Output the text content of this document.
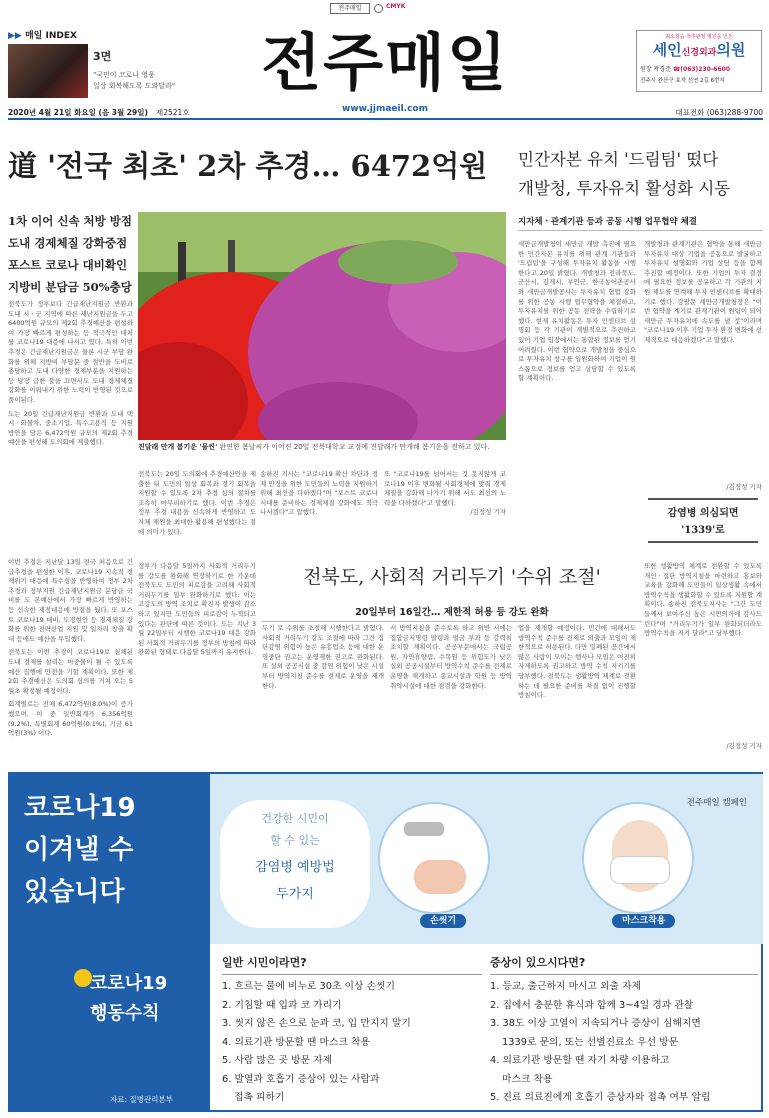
전주매일	CMYK
▶▶ 매일 INDEX
3면
"국민이 코로나 영웅
일상 회복해도록 도와달라"	전주매일
www.jjmaeil.com
최소침습 척추관절 병원을 만든
세인신경외과의원
원장 곽경준 ☎(063)230-6600
전주시 완산구 효자 선연 2길 6번지
2020년 4월 21일 화요일 (음 3월 29일) 제2521호	대표전화 (063)288-9700
道 '전국 최초' 2차 추경… 6472억원
1차 이어 신속 처방 방점
도내 경제체질 강화중점
포스트 코로나 대비확인
지방비 분담금 50%충당

전북도가 정부보다 긴급재난지원금 반환과 도내 시ㆍ군 지역에 따른 재난지원금을 두고 6400억원 규모의 제2회 추경예산을 편성하여 가장 빠르게 편성하는 등 적극적인 대처를 코로나19 대응에 나서고 있다. 특히 이번 추경은 긴급재난지원금은 물론 시군 부담 완화를 위해 지방비 부담분 중 절반을 도비로 충당하고 도내 다양한 경제부분을 지원하는 등 당장 급한 불을 끄면서도 도내 경제체질 강화를 이뤄내기 위한 노력이 반영된 것으로 풀이된다.

도는 20일 긴급재난지원금 반환과 도내 택시ㆍ화물차, 중소기업, 특수고용직 등 지원 방안을 담은 6,472억원 규모의 제2회 추경예산을 편성해 도의회에 제출했다.

진달래 만개 봄기운 '물씬' 완연한 봄날씨가 이어진 20일 전북대학교 교정에 진달래가 만개해 봄기운을 전하고 있다.
전북도는 20일 도의회에 추경예산안을 제출한 뒤 도민의 일상 회복과 경기 회복을 지원할 수 있도록 2차 추경 심의 절차를 조속히 마무리하기로 했다. 이번 추경은 정부 추경 내용을 신속하게 반영하고 도 자체 재원을 최대한 활용해 편성했다는 점에 의미가 있다.
송하진 지사는 "코로나19 확산 차단과 경제 안정을 위한 도민들의 노력을 지원하기 위해 최선을 다하겠다"며 "포스트 코로나 시대를 준비하는 경제체질 강화에도 적극 나서겠다"고 말했다.
또 "코로나19를 넘어서는 것 못지않게 코로나19 이후 변화될 사회경제에 맞춰 경제체질을 강화해 나가기 위해 서도 최선의 노력을 다하겠다"고 말했다.
/김정성 기자

이번 추경은 지난달 13일 전국 처음으로 긴급추경을 편성한 이후, 코로나19 지속적 경제위기 대응에 특수성을 반영하여 정부 2차 추경과 정부지원 긴급재난지원금 분담금 국비를 도 본예산에서 가장 빠르게 반영하는 등 신속한 재정대응에 방점을 뒀다. 또 포스트 코로나19 대비, 도정현안 등 경제체질 강화를 위한 전략산업 지원 및 일자리 창출 확대 등에도 예산을 투입했다.

전북도는 이번 추경이 코로나19로 침체된 도내 경제를 살리는 마중물이 될 수 있도록 예산 집행에 만전을 기할 계획이다. 또한 제2회 추경예산은 도의회 심의를 거쳐 오는 5월초 확정될 예정이다.

회계별로는 전체 6,472억원(8.0%)이 증가했으며, 이 중 일반회계가 6,356억원(9.2%), 특별회계 60억원(0.1%), 기금 61억원(3%) 이다.

민간자본 유치 '드림팀' 떴다
개발청, 투자유치 활성화 시동
지자체ㆍ관계기관 등과 공동 시행 업무협약 체결
새만금개발청이 새만금 개발 촉진에 필요한 민간자본 유치를 위해 관계 기관들과 '드림팀'을 구성해 투자유치 활동을 시행한다고 20일 밝혔다. 개발청과 전라북도, 군산시, 김제시, 부안군, 한국농어촌공사와 새만금개발공사는 투자유치 협업 강화를 위한 공동 시행 업무협약을 체결하고, 투자유치를 위한 공동 전략을 수립하기로 했다. 현재 유치활동은 투자 인센티브 설명회 등 각 기관이 개별적으로 추진하고 있어 기업 입장에서는 통합된 정보를 얻기 어려웠다. 이번 협약으로 개발청을 중심으로 투자유치 창구를 일원화하여 기업이 원스톱으로 정보를 얻고 상담할 수 있도록 할 계획이다.
개발청과 관계기관은 협약을 통해 새만금 투자유치 대상 기업을 공동으로 발굴하고 투자유치 설명회와 기업 상담 등을 함께 추진할 예정이다. 또한 기업의 투자 결정에 필요한 정보를 공유하고 각 기관의 지원 제도를 연계해 투자 인센티브를 확대하기로 했다. 강팔문 새만금개발청장은 "이번 협약을 계기로 관계기관이 원팀이 되어 새만금 투자유치에 속도를 낼 것"이라며 "코로나19 이후 기업 투자 환경 변화에 선제적으로 대응하겠다"고 말했다.
/김정성 기자
감염병 의심되면
'1339'로
정부가 다음달 5일까지 사회적 거리두기를 강도를 완화해 연장하기로 한 가운데 전북도도 도민의 피로감을 고려해 사회적 거리두기를 일부 완화하기로 했다. 이는 고강도의 방역 조치로 확진자 발생이 감소하고 있지만 도민들의 피로감이 누적되고 있다는 판단에 따른 것이다. 도는 지난 3월 22일부터 시행한 코로나19 대응 강화된 사회적 거리두기를 정부의 방침에 따라 완화된 형태로 다음달 5일까지 유지한다.
전북도, 사회적 거리두기 '수위 조절'
20일부터 16일간… 제한적 허용 등 강도 완화
두기 로 수위를 조절해 시행한다고 밝혔다. 사회적 거리두기 강도 조절에 따라 그간 집단감염 위험이 높은 유흥업소 등에 대한 운영중단 권고는 운영제한 권고로 완화된다. 또 실외 공공시설 중 감염 위험이 낮은 시설부터 방역지침 준수를 전제로 운영을 재개한다.
서 방역지침을 준수토록 하고 위반 시에는 집합금지명령 발령과 벌금 부과 등 강력히 조치할 계획이다. 공공부문에서는 국립공원, 자연휴양림, 수목원 등 위험도가 낮은 실외 공공시설부터 방역수칙 준수를 전제로 운영을 재개하고 종교시설과 학원 등 방역 취약시설에 대한 점검을 강화한다.
업을 재개할 예정이다. 민간에 대해서도 방역수칙 준수를 전제로 외출과 모임이 제한적으로 허용된다. 다만 밀폐된 공간에서 많은 사람이 모이는 행사나 모임은 여전히 자제하도록 권고하고 방역 수칙 지키기를 당부했다. 전북도는 생활방역 체계로 전환하는 데 필요한 준비를 차질 없이 진행할 방침이다.
또한 생활방역 체계로 전환할 수 있도록 개인ㆍ집단 방역지침을 마련하고 홍보와 교육을 강화해 도민들이 일상생활 속에서 방역수칙을 생활화할 수 있도록 지원할 계획이다. 송하진 전북도지사는 "그간 도민들께서 보여주신 높은 시민의식에 감사드린다"며 "거리두기가 일부 완화되더라도 방역수칙을 지켜 달라"고 당부했다.
/김정성 기자
코로나19
이겨낼 수
있습니다
코로나19
행동수칙
자료: 질병관리본부
전주매일 캠페인
건강한 시민이
할 수 있는
감염병 예방법
두가지
손씻기	마스크착용
일반 시민이라면?
1. 흐르는 물에 비누로 30초 이상 손씻기
2. 기침할 때 입과 코 가리기
3. 씻지 않은 손으로 눈과 코, 입 만지지 말기
4. 의료기관 방문할 땐 마스크 착용
5. 사람 많은 곳 방문 자제
6. 발열과 호흡기 증상이 있는 사람과
접촉 피하기
증상이 있으시다면?
1. 등교, 출근하지 마시고 외출 자제
2. 집에서 충분한 휴식과 함께 3~4일 경과 관찰
3. 38도 이상 고열이 지속되거나 증상이 심해지면
1339로 문의, 또는 선별진료소 우선 방문
4. 의료기관 방문할 땐 자기 차량 이용하고
마스크 착용
5. 진료 의료진에게 호흡기 증상자와 접촉 여부 알림
